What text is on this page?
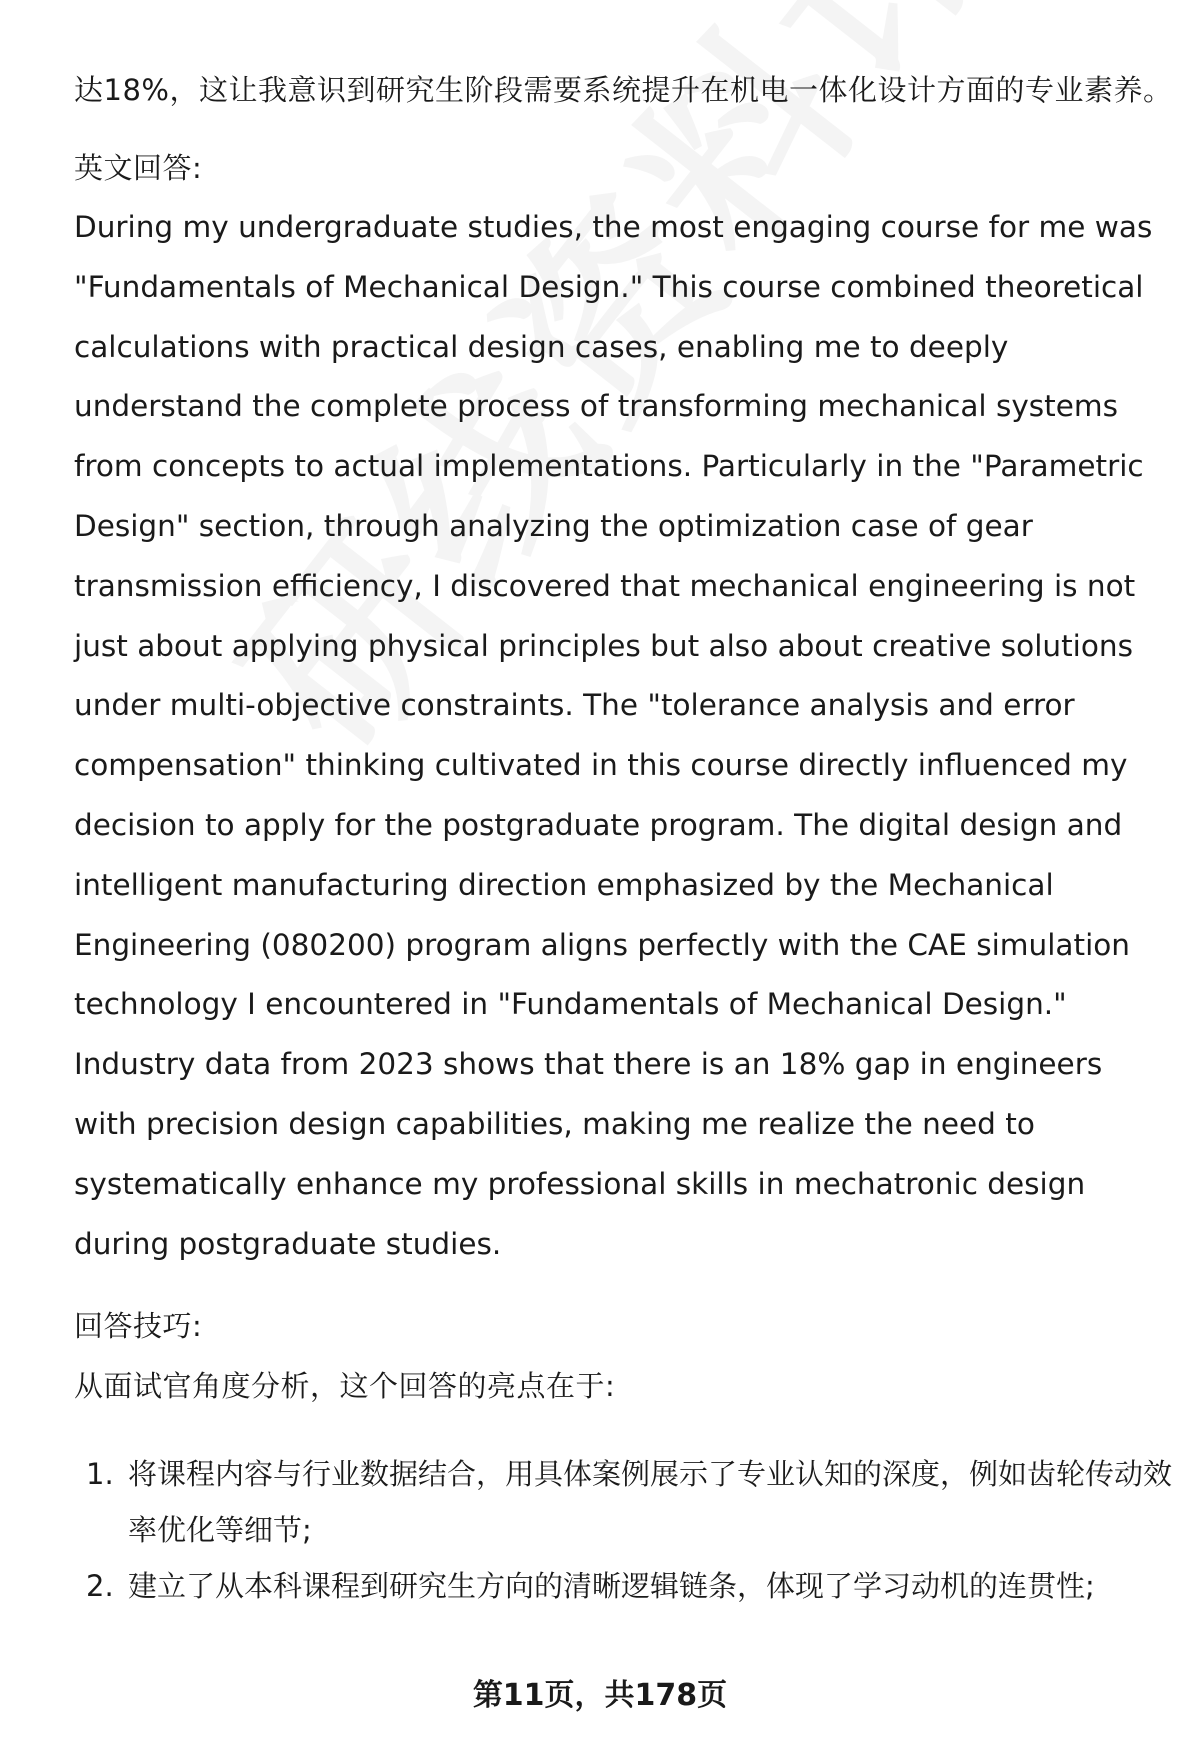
达18%，这让我意识到研究生阶段需要系统提升在机电一体化设计方面的专业素养。

英文回答:

During my undergraduate studies, the most engaging course for me was "Fundamentals of Mechanical Design." This course combined theoretical calculations with practical design cases, enabling me to deeply understand the complete process of transforming mechanical systems from concepts to actual implementations. Particularly in the "Parametric Design" section, through analyzing the optimization case of gear transmission efficiency, I discovered that mechanical engineering is not just about applying physical principles but also about creative solutions under multi-objective constraints. The "tolerance analysis and error compensation" thinking cultivated in this course directly influenced my decision to apply for the postgraduate program. The digital design and intelligent manufacturing direction emphasized by the Mechanical Engineering (080200) program aligns perfectly with the CAE simulation technology I encountered in "Fundamentals of Mechanical Design." Industry data from 2023 shows that there is an 18% gap in engineers with precision design capabilities, making me realize the need to systematically enhance my professional skills in mechatronic design during postgraduate studies.

回答技巧:

从面试官角度分析，这个回答的亮点在于:

1. 将课程内容与行业数据结合，用具体案例展示了专业认知的深度，例如齿轮传动效率优化等细节;
2. 建立了从本科课程到研究生方向的清晰逻辑链条，体现了学习动机的连贯性;
第11页，共178页
